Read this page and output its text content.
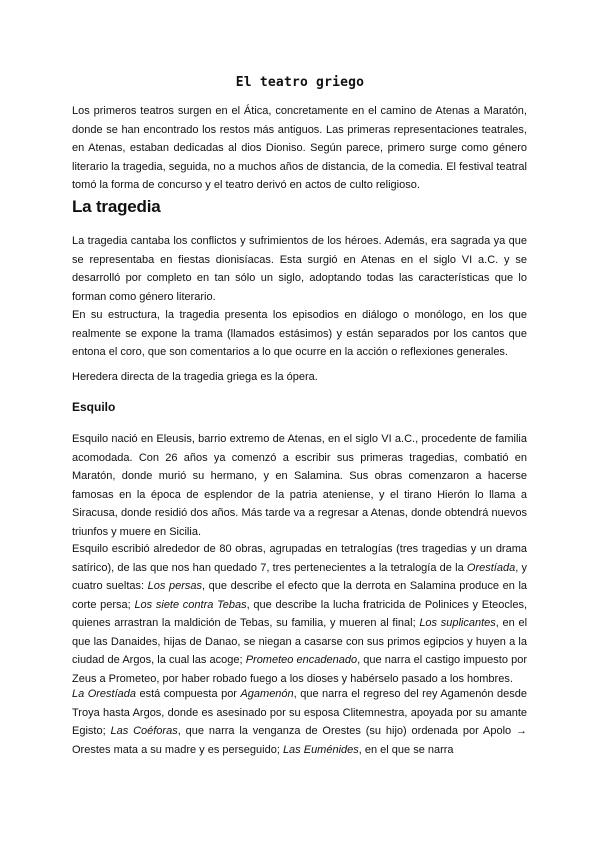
El teatro griego

Los primeros teatros surgen en el Ática, concretamente en el camino de Atenas a Maratón, donde se han encontrado los restos más antiguos. Las primeras representaciones teatrales, en Atenas, estaban dedicadas al dios Dioniso. Según parece, primero surge como género literario la tragedia, seguida, no a muchos años de distancia, de la comedia. El festival teatral tomó la forma de concurso y el teatro derivó en actos de culto religioso.

La tragedia

La tragedia cantaba los conflictos y sufrimientos de los héroes. Además, era sagrada ya que se representaba en fiestas dionisíacas. Esta surgió en Atenas en el siglo VI a.C. y se desarrolló por completo en tan sólo un siglo, adoptando todas las características que lo forman como género literario.

En su estructura, la tragedia presenta los episodios en diálogo o monólogo, en los que realmente se expone la trama (llamados estásimos) y están separados por los cantos que entona el coro, que son comentarios a lo que ocurre en la acción o reflexiones generales.

Heredera directa de la tragedia griega es la ópera.

Esquilo

Esquilo nació en Eleusis, barrio extremo de Atenas, en el siglo VI a.C., procedente de familia acomodada. Con 26 años ya comenzó a escribir sus primeras tragedias, combatió en Maratón, donde murió su hermano, y en Salamina. Sus obras comenzaron a hacerse famosas en la época de esplendor de la patria ateniense, y el tirano Hierón lo llama a Siracusa, donde residió dos años. Más tarde va a regresar a Atenas, donde obtendrá nuevos triunfos y muere en Sicilia.

Esquilo escribió alrededor de 80 obras, agrupadas en tetralogías (tres tragedias y un drama satírico), de las que nos han quedado 7, tres pertenecientes a la tetralogía de la Orestíada, y cuatro sueltas: Los persas, que describe el efecto que la derrota en Salamina produce en la corte persa; Los siete contra Tebas, que describe la lucha fratricida de Polinices y Eteocles, quienes arrastran la maldición de Tebas, su familia, y mueren al final; Los suplicantes, en el que las Danaides, hijas de Danao, se niegan a casarse con sus primos egipcios y huyen a la ciudad de Argos, la cual las acoge; Prometeo encadenado, que narra el castigo impuesto por Zeus a Prometeo, por haber robado fuego a los dioses y habérselo pasado a los hombres.

La Orestíada está compuesta por Agamenón, que narra el regreso del rey Agamenón desde Troya hasta Argos, donde es asesinado por su esposa Clitemnestra, apoyada por su amante Egisto; Las Coéforas, que narra la venganza de Orestes (su hijo) ordenada por Apolo → Orestes mata a su madre y es perseguido; Las Euménides, en el que se narra
